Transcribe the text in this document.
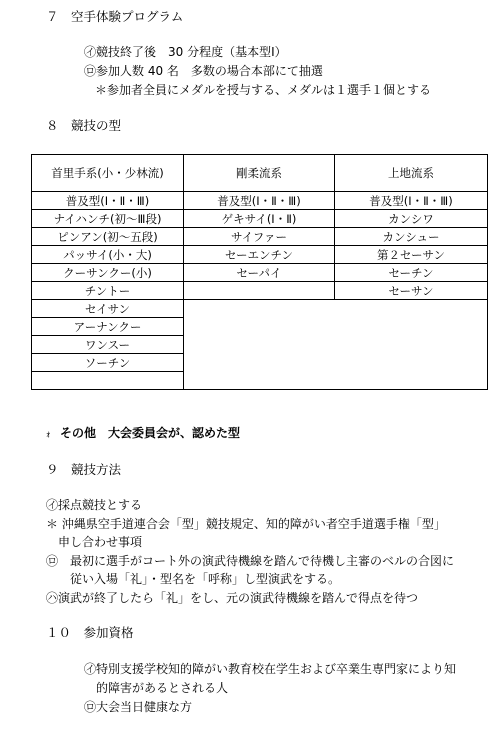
７　空手体験プログラム
㋑競技終了後　30 分程度（基本型Ⅰ）
㋺参加人数 40 名　多数の場合本部にて抽選
＊参加者全員にメダルを授与する、メダルは１選手１個とする
８　競技の型
首里手系(小・少林流)	剛柔流系	上地流系
普及型(Ⅰ・Ⅱ・Ⅲ)	普及型(Ⅰ・Ⅱ・Ⅲ)	普及型(Ⅰ・Ⅱ・Ⅲ)
ナイハンチ(初〜Ⅲ段)	ゲキサイ(Ⅰ・Ⅱ)	カンシワ
ピンアン(初〜五段)	サイファー	カンシュー
パッサイ(小・大)	セーエンチン	第２セーサン
クーサンクー(小)	セーパイ	セーチン
チントー		セーサン
セイサン		
アーナンクー		
ワンスー		
ソーチン		

ｫ その他　大会委員会が、認めた型
９　競技方法
㋑採点競技とする
＊ 沖縄県空手道連合会「型」競技規定、知的障がい者空手道選手権「型」
　申し合わせ事項
㋺　最初に選手がコート外の演武待機線を踏んで待機し主審のベルの合図に
　　従い入場「礼」・型名を「呼称」し型演武をする。
㋩演武が終了したら「礼」をし、元の演武待機線を踏んで得点を待つ
１０　参加資格
㋑特別支援学校知的障がい教育校在学生および卒業生専門家により知
　的障害があるとされる人
㋺大会当日健康な方
